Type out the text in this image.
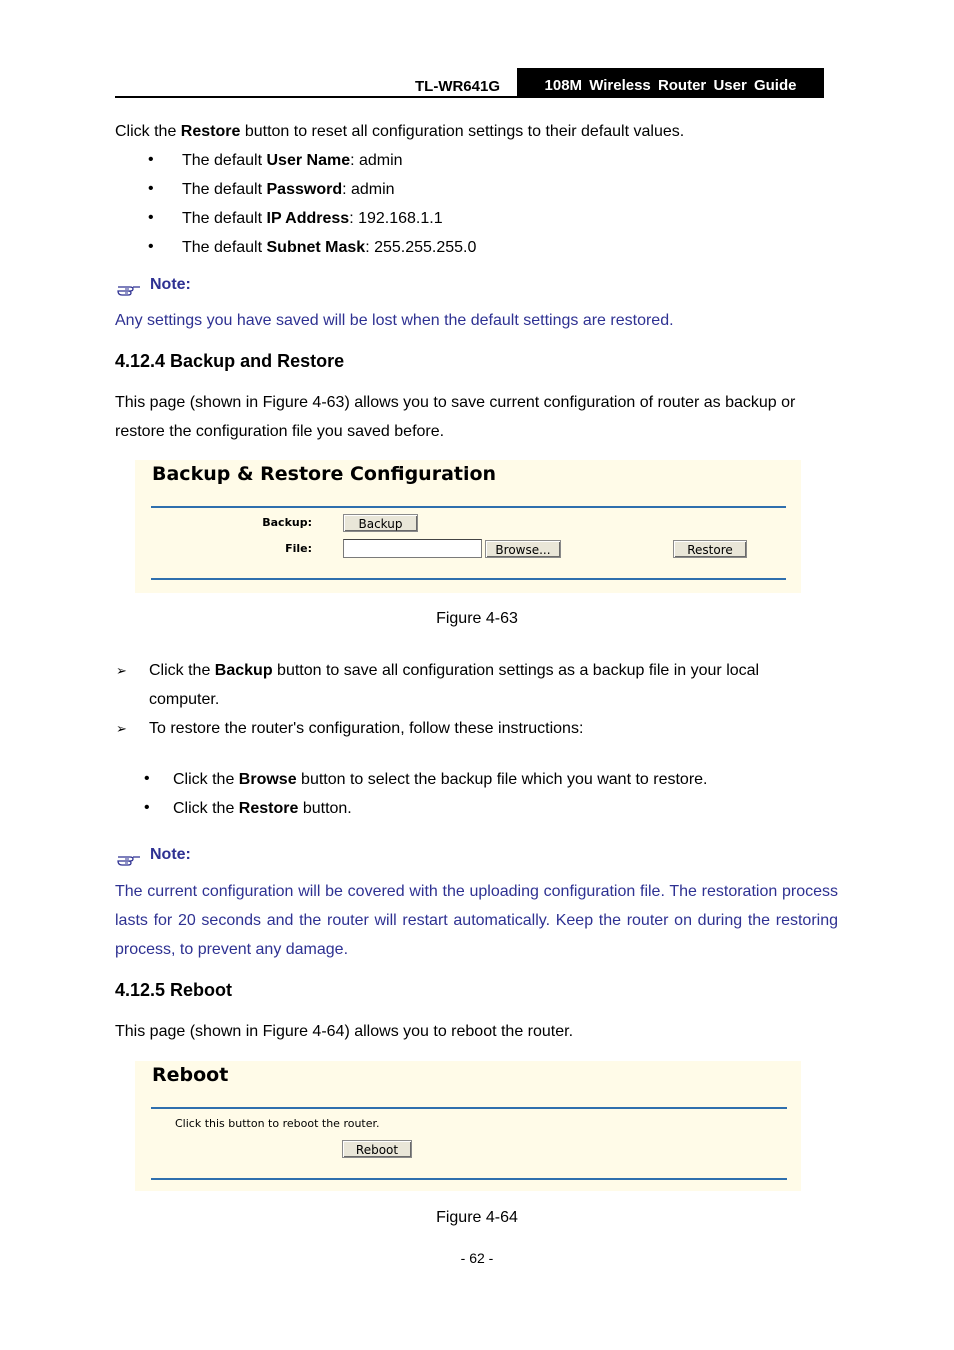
TL-WR641G	108M Wireless Router User Guide
Click the Restore button to reset all configuration settings to their default values.
• The default User Name: admin
• The default Password: admin
• The default IP Address: 192.168.1.1
• The default Subnet Mask: 255.255.255.0
Note:
Any settings you have saved will be lost when the default settings are restored.
4.12.4 Backup and Restore
This page (shown in Figure 4-63) allows you to save current configuration of router as backup or restore the configuration file you saved before.
Backup & Restore Configuration
Backup:	Backup
File:	Browse...	Restore
Figure 4-63
➢ Click the Backup button to save all configuration settings as a backup file in your local
computer.
➢ To restore the router's configuration, follow these instructions:
• Click the Browse button to select the backup file which you want to restore.
• Click the Restore button.
Note:
The current configuration will be covered with the uploading configuration file. The restoration process lasts for 20 seconds and the router will restart automatically. Keep the router on during the restoring process, to prevent any damage.
4.12.5 Reboot
This page (shown in Figure 4-64) allows you to reboot the router.
Reboot
Click this button to reboot the router.
Reboot
Figure 4-64
- 62 -
